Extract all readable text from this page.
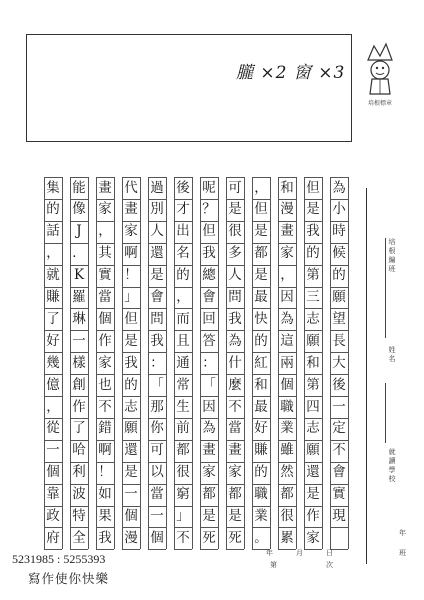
朧 ×2 窗 ×3
培根標章
為
小
時
候
的
願
望
長
大
後
一
定
不
會
實
現
但
是
我
的
第
三
志
願
和
第
四
志
願
還
是
作
家
和
漫
畫
家
，
因
為
這
兩
個
職
業
雖
然
都
很
累
，
但
是
都
是
最
快
的
紅
和
最
好
賺
的
職
業
。
可
是
很
多
人
問
我
為
什
麼
不
當
畫
家
都
是
死
呢
？
但
我
總
會
回
答
：
「
因
為
畫
家
都
是
死
後
才
出
名
的
，
而
且
通
常
生
前
都
很
窮
」
不
過
別
人
還
是
會
問
我
：
「
那
你
可
以
當
一
個
代
畫
家
啊
！
」
但
是
我
的
志
願
還
是
一
個
漫
畫
家
，
其
實
當
個
作
家
也
不
錯
啊
！
如
果
我
能
像
J
．
K
羅
琳
一
樣
創
作
了
哈
利
波
特
全
集
的
話
，
就
賺
了
好
幾
億
，
從
一
個
靠
政
府
培根編班
姓名
就讀學校
年
班
年	月	日
第	次
5231985 : 5255393
寫作使你快樂
